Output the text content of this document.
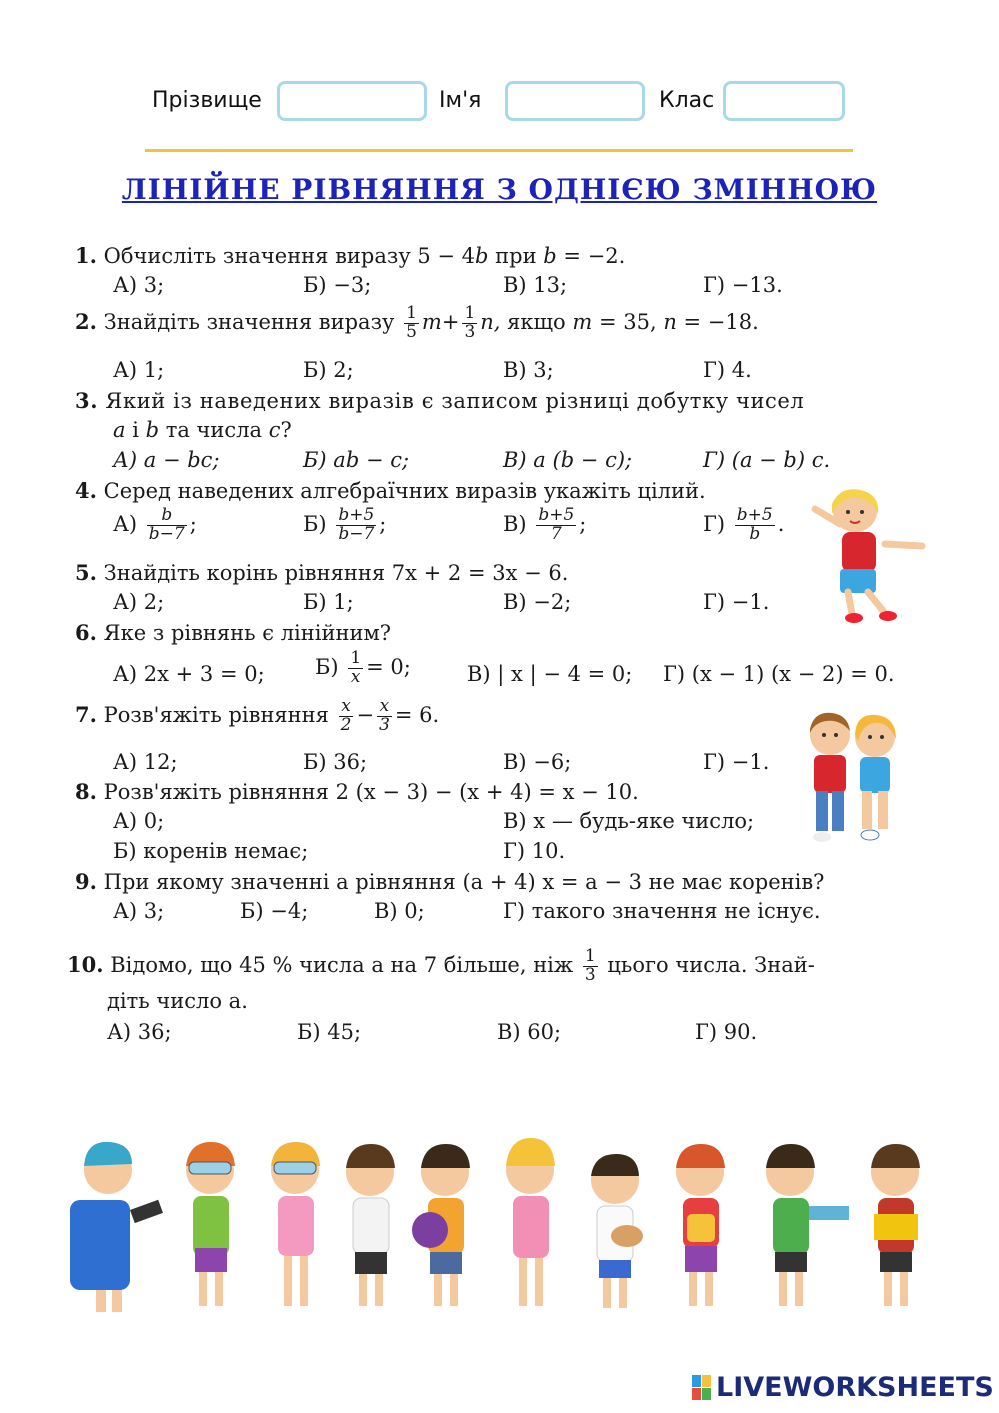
Прізвище	Ім'я	Клас
ЛІНІЙНЕ РІВНЯННЯ З ОДНІЄЮ ЗМІННОЮ
1. Обчисліть значення виразу 5 − 4b при b = −2.
А) 3;	Б) −3;	В) 13;	Г) −13.
2. Знайдіть значення виразу $\frac{1}{5} m+ \frac{1}{3} n$, якщо m = 35, n = −18.
А) 1;	Б) 2;	В) 3;	Г) 4.
3. Який із наведених виразів є записом різниці добутку чисел
a і b та числа c?
А) a − bc;	Б) ab − c;	В) a (b − c);	Г) (a − b) c.
4. Серед наведених алгебраїчних виразів укажіть цілий.
$А) \frac{b}{b-7}$ ;	$Б) \frac{b+5}{b-7}$ ;	$В) \frac{b+5}{7}$ ;	$Г) \frac{b+5}{b}$ .
5. Знайдіть корінь рівняння 7x + 2 = 3x − 6.
А) 2;	Б) 1;	В) −2;	Г) −1.
6. Яке з рівнянь є лінійним?
А) 2x + 3 = 0; $Б) \frac{1}{x} = 0$;	В) | x | − 4 = 0; Г) (x − 1) (x − 2) = 0.
7. Розв'яжіть рівняння $\frac{x}{2} - \frac{x}{3} = 6$.
А) 12;	Б) 36;	В) −6;	Г) −1.
8. Розв'яжіть рівняння 2 (x − 3) − (x + 4) = x − 10.
А) 0;	В) x — будь-яке число;
Б) коренів немає;	Г) 10.
9. При якому значенні a рівняння (a + 4) x = a − 3 не має коренів?
А) 3;	Б) −4;	В) 0;	Г) такого значення не існує.
10. Відомо, що 45 % числа a на 7 більше, ніж $\frac{1}{3}$ цього числа. Знай-
діть число a.
А) 36;	Б) 45;	В) 60;	Г) 90.
LIVEWORKSHEETS
